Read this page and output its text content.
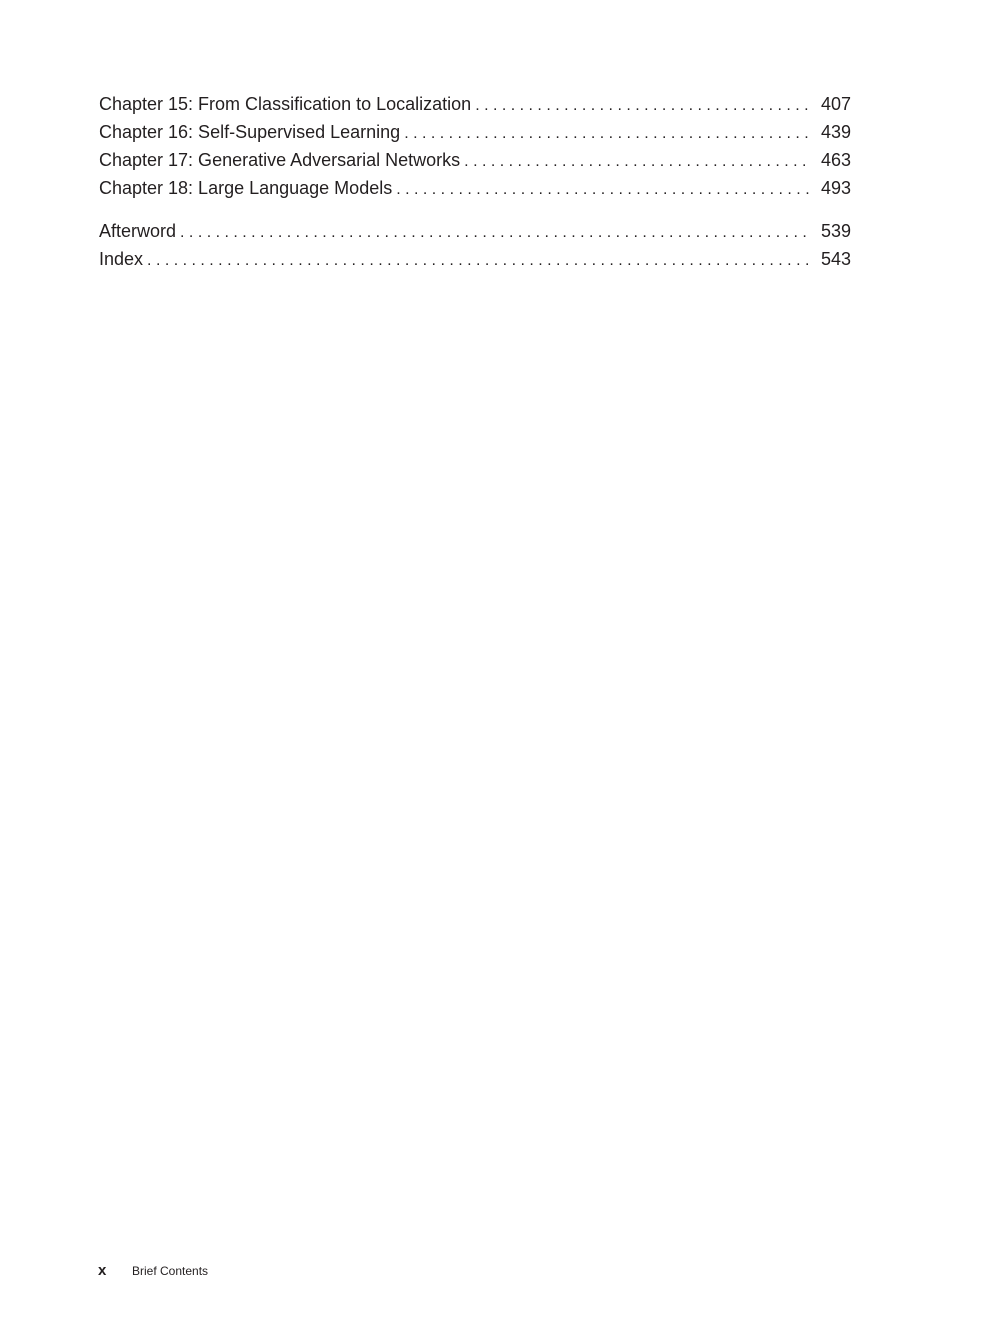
Chapter 15: From Classification to Localization . . .	407
Chapter 16: Self-Supervised Learning . . .	439
Chapter 17: Generative Adversarial Networks . . .	463
Chapter 18: Large Language Models . . .	493
Afterword . . .	539
Index . . .	543
x	Brief Contents
